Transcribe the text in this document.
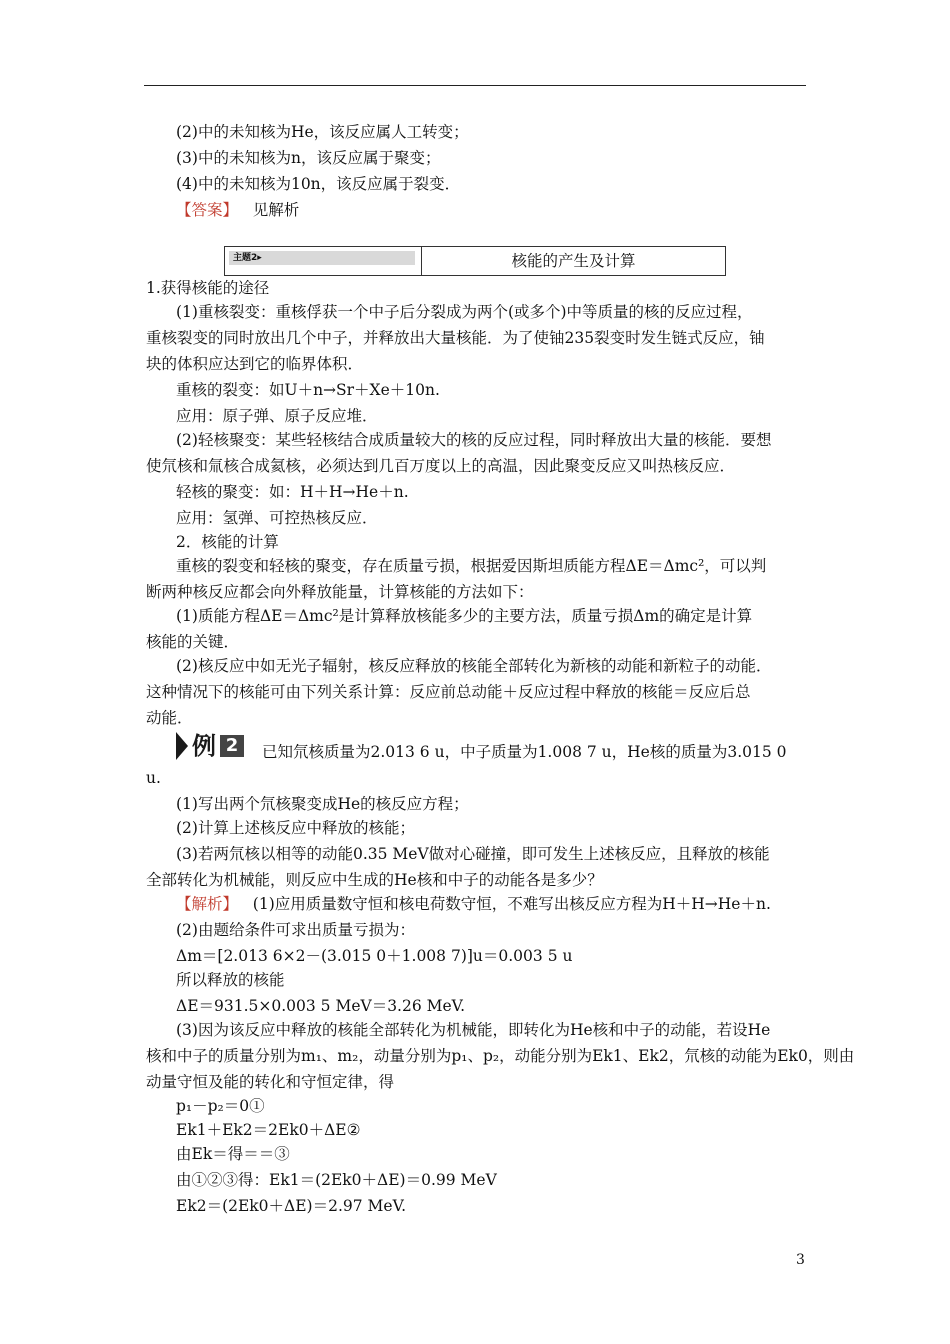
(2)中的未知核为He，该反应属人工转变；
(3)中的未知核为n，该反应属于聚变；
(4)中的未知核为10n，该反应属于裂变．
【答案】 见解析
主题2▸	核能的产生及计算
1.获得核能的途径
(1)重核裂变：重核俘获一个中子后分裂成为两个(或多个)中等质量的核的反应过程，
重核裂变的同时放出几个中子，并释放出大量核能．为了使铀235裂变时发生链式反应，铀
块的体积应达到它的临界体积．
重核的裂变：如U＋n→Sr＋Xe＋10n.
应用：原子弹、原子反应堆．
(2)轻核聚变：某些轻核结合成质量较大的核的反应过程，同时释放出大量的核能．要想
使氘核和氚核合成氦核，必须达到几百万度以上的高温，因此聚变反应又叫热核反应．
轻核的聚变：如：H＋H→He＋n.
应用：氢弹、可控热核反应．
2．核能的计算
重核的裂变和轻核的聚变，存在质量亏损，根据爱因斯坦质能方程ΔE＝Δmc²，可以判
断两种核反应都会向外释放能量，计算核能的方法如下：
(1)质能方程ΔE＝Δmc²是计算释放核能多少的主要方法，质量亏损Δm的确定是计算
核能的关键．
(2)核反应中如无光子辐射，核反应释放的核能全部转化为新核的动能和新粒子的动能．
这种情况下的核能可由下列关系计算：反应前总动能＋反应过程中释放的核能＝反应后总
动能．
例 2	已知氘核质量为2.013 6 u，中子质量为1.008 7 u，He核的质量为3.015 0
u.
(1)写出两个氘核聚变成He的核反应方程；
(2)计算上述核反应中释放的核能；
(3)若两氘核以相等的动能0.35 MeV做对心碰撞，即可发生上述核反应，且释放的核能
全部转化为机械能，则反应中生成的He核和中子的动能各是多少？
【解析】 (1)应用质量数守恒和核电荷数守恒，不难写出核反应方程为H＋H→He＋n.
(2)由题给条件可求出质量亏损为：
Δm＝[2.013 6×2－(3.015 0＋1.008 7)]u＝0.003 5 u
所以释放的核能
ΔE＝931.5×0.003 5 MeV＝3.26 MeV.
(3)因为该反应中释放的核能全部转化为机械能，即转化为He核和中子的动能，若设He
核和中子的质量分别为m₁、m₂，动量分别为p₁、p₂，动能分别为Ek1、Ek2，氘核的动能为Ek0，则由
动量守恒及能的转化和守恒定律，得
p₁－p₂＝0①
Ek1＋Ek2＝2Ek0＋ΔE②
由Ek＝得＝＝③
由①②③得：Ek1＝(2Ek0＋ΔE)＝0.99 MeV
Ek2＝(2Ek0＋ΔE)＝2.97 MeV.
3
